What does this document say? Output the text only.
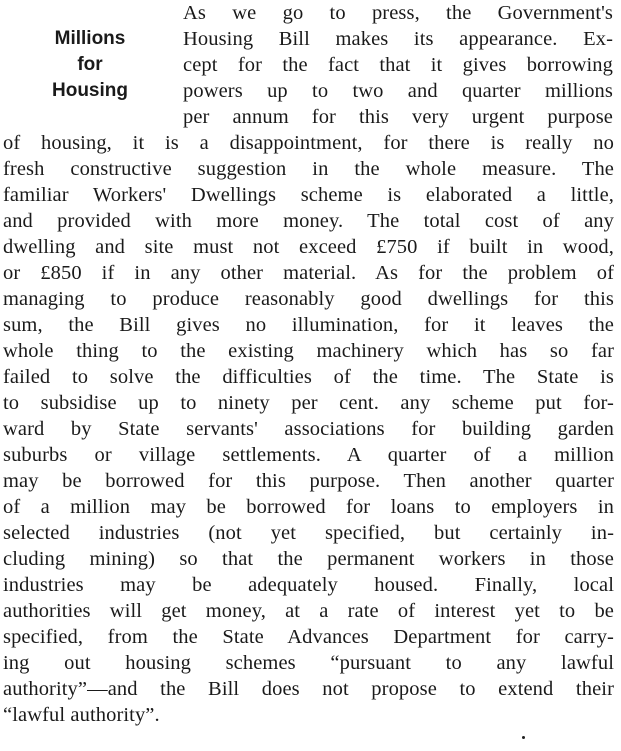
Millions
for
Housing
As we go to press, the Government's
Housing Bill makes its appearance. Ex-
cept for the fact that it gives borrowing
powers up to two and quarter millions
per annum for this very urgent purpose
of housing, it is a disappointment, for there is really no
fresh constructive suggestion in the whole measure. The
familiar Workers' Dwellings scheme is elaborated a little,
and provided with more money. The total cost of any
dwelling and site must not exceed £750 if built in wood,
or £850 if in any other material. As for the problem of
managing to produce reasonably good dwellings for this
sum, the Bill gives no illumination, for it leaves the
whole thing to the existing machinery which has so far
failed to solve the difficulties of the time. The State is
to subsidise up to ninety per cent. any scheme put for-
ward by State servants' associations for building garden
suburbs or village settlements. A quarter of a million
may be borrowed for this purpose. Then another quarter
of a million may be borrowed for loans to employers in
selected industries (not yet specified, but certainly in-
cluding mining) so that the permanent workers in those
industries may be adequately housed. Finally, local
authorities will get money, at a rate of interest yet to be
specified, from the State Advances Department for carry-
ing out housing schemes “pursuant to any lawful
authority”—and the Bill does not propose to extend their
“lawful authority”.
